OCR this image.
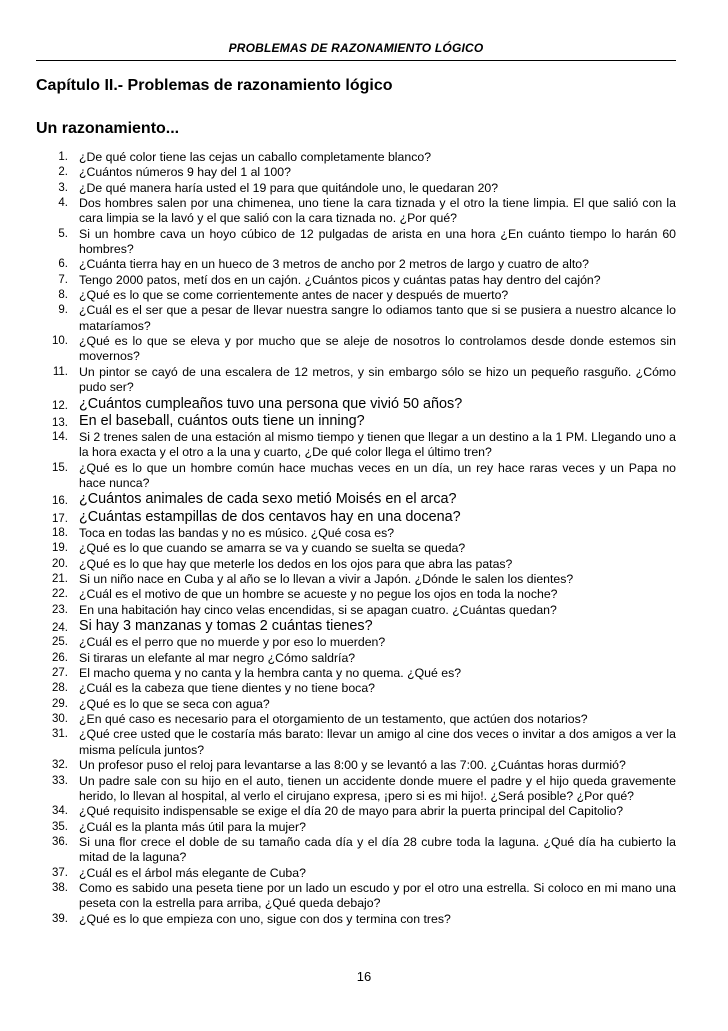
PROBLEMAS DE RAZONAMIENTO LÓGICO
Capítulo II.- Problemas de razonamiento lógico
Un razonamiento...
1. ¿De qué color tiene las cejas un caballo completamente blanco?
2. ¿Cuántos números 9 hay del 1 al 100?
3. ¿De qué manera haría usted el 19 para que quitándole uno, le quedaran 20?
4. Dos hombres salen por una chimenea, uno tiene la cara tiznada y el otro la tiene limpia. El que salió con la cara limpia se la lavó y el que salió con la cara tiznada no. ¿Por qué?
5. Si un hombre cava un hoyo cúbico de 12 pulgadas de arista en una hora ¿En cuánto tiempo lo harán 60 hombres?
6. ¿Cuánta tierra hay en un hueco de 3 metros de ancho por 2 metros de largo y cuatro de alto?
7. Tengo 2000 patos, metí dos en un cajón. ¿Cuántos picos y cuántas patas hay dentro del cajón?
8. ¿Qué es lo que se come corrientemente antes de nacer y después de muerto?
9. ¿Cuál es el ser que a pesar de llevar nuestra sangre lo odiamos tanto que si se pusiera a nuestro alcance lo mataríamos?
10. ¿Qué es lo que se eleva y por mucho que se aleje de nosotros lo controlamos desde donde estemos sin movernos?
11. Un pintor se cayó de una escalera de 12 metros, y sin embargo sólo se hizo un pequeño rasguño. ¿Cómo pudo ser?
12. ¿Cuántos cumpleaños tuvo una persona que vivió 50 años?
13. En el baseball, cuántos outs tiene un inning?
14. Si 2 trenes salen de una estación al mismo tiempo y tienen que llegar a un destino a la 1 PM. Llegando uno a la hora exacta y el otro a la una y cuarto, ¿De qué color llega el último tren?
15. ¿Qué es lo que un hombre común hace muchas veces en un día, un rey hace raras veces y un Papa no hace nunca?
16. ¿Cuántos animales de cada sexo metió Moisés en el arca?
17. ¿Cuántas estampillas de dos centavos hay en una docena?
18. Toca en todas las bandas y no es músico. ¿Qué cosa es?
19. ¿Qué es lo que cuando se amarra se va y cuando se suelta se queda?
20. ¿Qué es lo que hay que meterle los dedos en los ojos para que abra las patas?
21. Si un niño nace en Cuba y al año se lo llevan a vivir a Japón. ¿Dónde le salen los dientes?
22. ¿Cuál es el motivo de que un hombre se acueste y no pegue los ojos en toda la noche?
23. En una habitación hay cinco velas encendidas, si se apagan cuatro. ¿Cuántas quedan?
24. Si hay 3 manzanas y tomas 2 cuántas tienes?
25. ¿Cuál es el perro que no muerde y por eso lo muerden?
26. Si tiraras un elefante al mar negro ¿Cómo saldría?
27. El macho quema y no canta y la hembra canta y no quema. ¿Qué es?
28. ¿Cuál es la cabeza que tiene dientes y no tiene boca?
29. ¿Qué es lo que se seca con agua?
30. ¿En qué caso es necesario para el otorgamiento de un testamento, que actúen dos notarios?
31. ¿Qué cree usted que le costaría más barato: llevar un amigo al cine dos veces o invitar a dos amigos a ver la misma película juntos?
32. Un profesor puso el reloj para levantarse a las 8:00 y se levantó a las 7:00. ¿Cuántas horas durmió?
33. Un padre sale con su hijo en el auto, tienen un accidente donde muere el padre y el hijo queda gravemente herido, lo llevan al hospital, al verlo el cirujano expresa, ¡pero si es mi hijo!. ¿Será posible? ¿Por qué?
34. ¿Qué requisito indispensable se exige el día 20 de mayo para abrir la puerta principal del Capitolio?
35. ¿Cuál es la planta más útil para la mujer?
36. Si una flor crece el doble de su tamaño cada día y el día 28 cubre toda la laguna. ¿Qué día ha cubierto la mitad de la laguna?
37. ¿Cuál es el árbol más elegante de Cuba?
38. Como es sabido una peseta tiene por un lado un escudo y por el otro una estrella. Si coloco en mi mano una peseta con la estrella para arriba, ¿Qué queda debajo?
39. ¿Qué es lo que empieza con uno, sigue con dos y termina con tres?
16
